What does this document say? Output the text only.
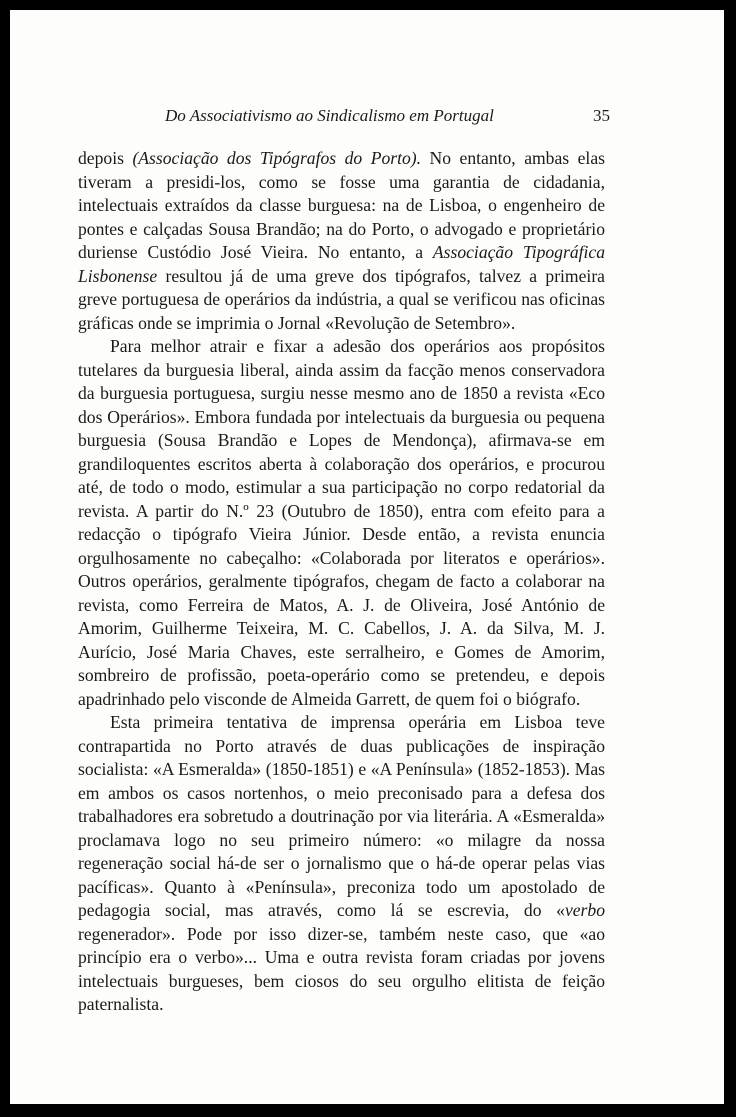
Do Associativismo ao Sindicalismo em Portugal	35

depois (Associação dos Tipógrafos do Porto). No entanto, ambas elas tiveram a presidi-los, como se fosse uma garantia de cidadania, intelectuais extraídos da classe burguesa: na de Lisboa, o engenheiro de pontes e calçadas Sousa Brandão; na do Porto, o advogado e proprietário duriense Custódio José Vieira. No entanto, a Associação Tipográfica Lisbonense resultou já de uma greve dos tipógrafos, talvez a primeira greve portuguesa de operários da indústria, a qual se verificou nas oficinas gráficas onde se imprimia o Jornal «Revolução de Setembro».

Para melhor atrair e fixar a adesão dos operários aos propósitos tutelares da burguesia liberal, ainda assim da facção menos conservadora da burguesia portuguesa, surgiu nesse mesmo ano de 1850 a revista «Eco dos Operários». Embora fundada por intelectuais da burguesia ou pequena burguesia (Sousa Brandão e Lopes de Mendonça), afirmava-se em grandiloquentes escritos aberta à colaboração dos operários, e procurou até, de todo o modo, estimular a sua participação no corpo redatorial da revista. A partir do N.º 23 (Outubro de 1850), entra com efeito para a redacção o tipógrafo Vieira Júnior. Desde então, a revista enuncia orgulhosamente no cabeçalho: «Colaborada por literatos e operários». Outros operários, geralmente tipógrafos, chegam de facto a colaborar na revista, como Ferreira de Matos, A. J. de Oliveira, José António de Amorim, Guilherme Teixeira, M. C. Cabellos, J. A. da Silva, M. J. Aurício, José Maria Chaves, este serralheiro, e Gomes de Amorim, sombreiro de profissão, poeta-operário como se pretendeu, e depois apadrinhado pelo visconde de Almeida Garrett, de quem foi o biógrafo.

Esta primeira tentativa de imprensa operária em Lisboa teve contrapartida no Porto através de duas publicações de inspiração socialista: «A Esmeralda» (1850-1851) e «A Península» (1852-1853). Mas em ambos os casos nortenhos, o meio preconisado para a defesa dos trabalhadores era sobretudo a doutrinação por via literária. A «Esmeralda» proclamava logo no seu primeiro número: «o milagre da nossa regeneração social há-de ser o jornalismo que o há-de operar pelas vias pacíficas». Quanto à «Península», preconiza todo um apostolado de pedagogia social, mas através, como lá se escrevia, do «verbo regenerador». Pode por isso dizer-se, também neste caso, que «ao princípio era o verbo»... Uma e outra revista foram criadas por jovens intelectuais burgueses, bem ciosos do seu orgulho elitista de feição paternalista.
